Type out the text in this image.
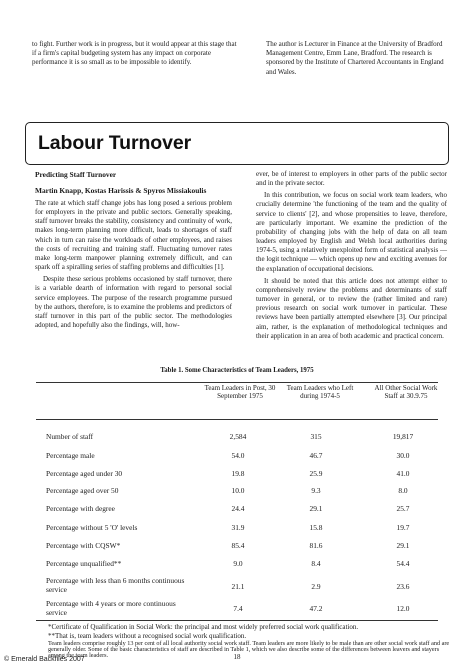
to fight. Further work is in progress, but it would appear at this stage that if a firm's capital budgeting system has any impact on corporate performance it is so small as to be impossible to identify.
The author is Lecturer in Finance at the University of Bradford Management Centre, Emm Lane, Bradford. The research is sponsored by the Institute of Chartered Accountants in England and Wales.
Labour Turnover
Predicting Staff Turnover
Martin Knapp, Kostas Harissis & Spyros Missiakoulis

The rate at which staff change jobs has long posed a serious problem for employers in the private and public sectors. Generally speaking, staff turnover breaks the stability, consistency and continuity of work, makes long-term planning more difficult, leads to shortages of staff which in turn can raise the workloads of other employees, and raises the costs of recruiting and training staff. Fluctuating turnover rates make long-term manpower planning extremely difficult, and can spark off a spiralling series of staffing problems and difficulties [1].

Despite these serious problems occasioned by staff turnover, there is a variable dearth of information with regard to personal social service employees. The purpose of the research programme pursued by the authors, therefore, is to examine the problems and predictors of staff turnover in this part of the public sector. The methodologies adopted, and hopefully also the findings, will, how-

ever, be of interest to employers in other parts of the public sector and in the private sector.

In this contribution, we focus on social work team leaders, who crucially determine 'the functioning of the team and the quality of service to clients' [2], and whose propensities to leave, therefore, are particularly important. We examine the prediction of the probability of changing jobs with the help of data on all team leaders employed by English and Welsh local authorities during 1974-5, using a relatively unexploited form of statistical analysis — the logit technique — which opens up new and exciting avenues for the explanation of occupational decisions.

It should be noted that this article does not attempt either to comprehensively review the problems and determinants of staff turnover in general, or to review the (rather limited and rare) previous research on social work turnover in particular. These reviews have been partially attempted elsewhere [3]. Our principal aim, rather, is the explanation of methodological techniques and their application in an area of both academic and practical concern.

Table 1. Some Characteristics of Team Leaders, 1975
Team Leaders in Post, 30 September 1975
Team Leaders who Left during 1974-5
All Other Social Work Staff at 30.9.75
Number of staff	2,584	315	19,817
Percentage male	54.0	46.7	30.0
Percentage aged under 30	19.8	25.9	41.0
Percentage aged over 50	10.0	9.3	8.0
Percentage with degree	24.4	29.1	25.7
Percentage without 5 'O' levels	31.9	15.8	19.7
Percentage with CQSW*	85.4	81.6	29.1
Percentage unqualified**	9.0	8.4	54.4
Percentage with less than 6 months continuous service	21.1	2.9	23.6
Percentage with 4 years or more continuous service	7.4	47.2	12.0
*Certificate of Qualification in Social Work: the principal and most widely preferred social work qualification.
**That is, team leaders without a recognised social work qualification.
Team leaders comprise roughly 13 per cent of all local authority social work staff. Team leaders are more likely to be male than are other social work staff and are generally older. Some of the basic characteristics of staff are described in Table 1, which we also describe some of the differences between leavers and stayers among the team leaders.	18
© Emerald Backfiles 2007
